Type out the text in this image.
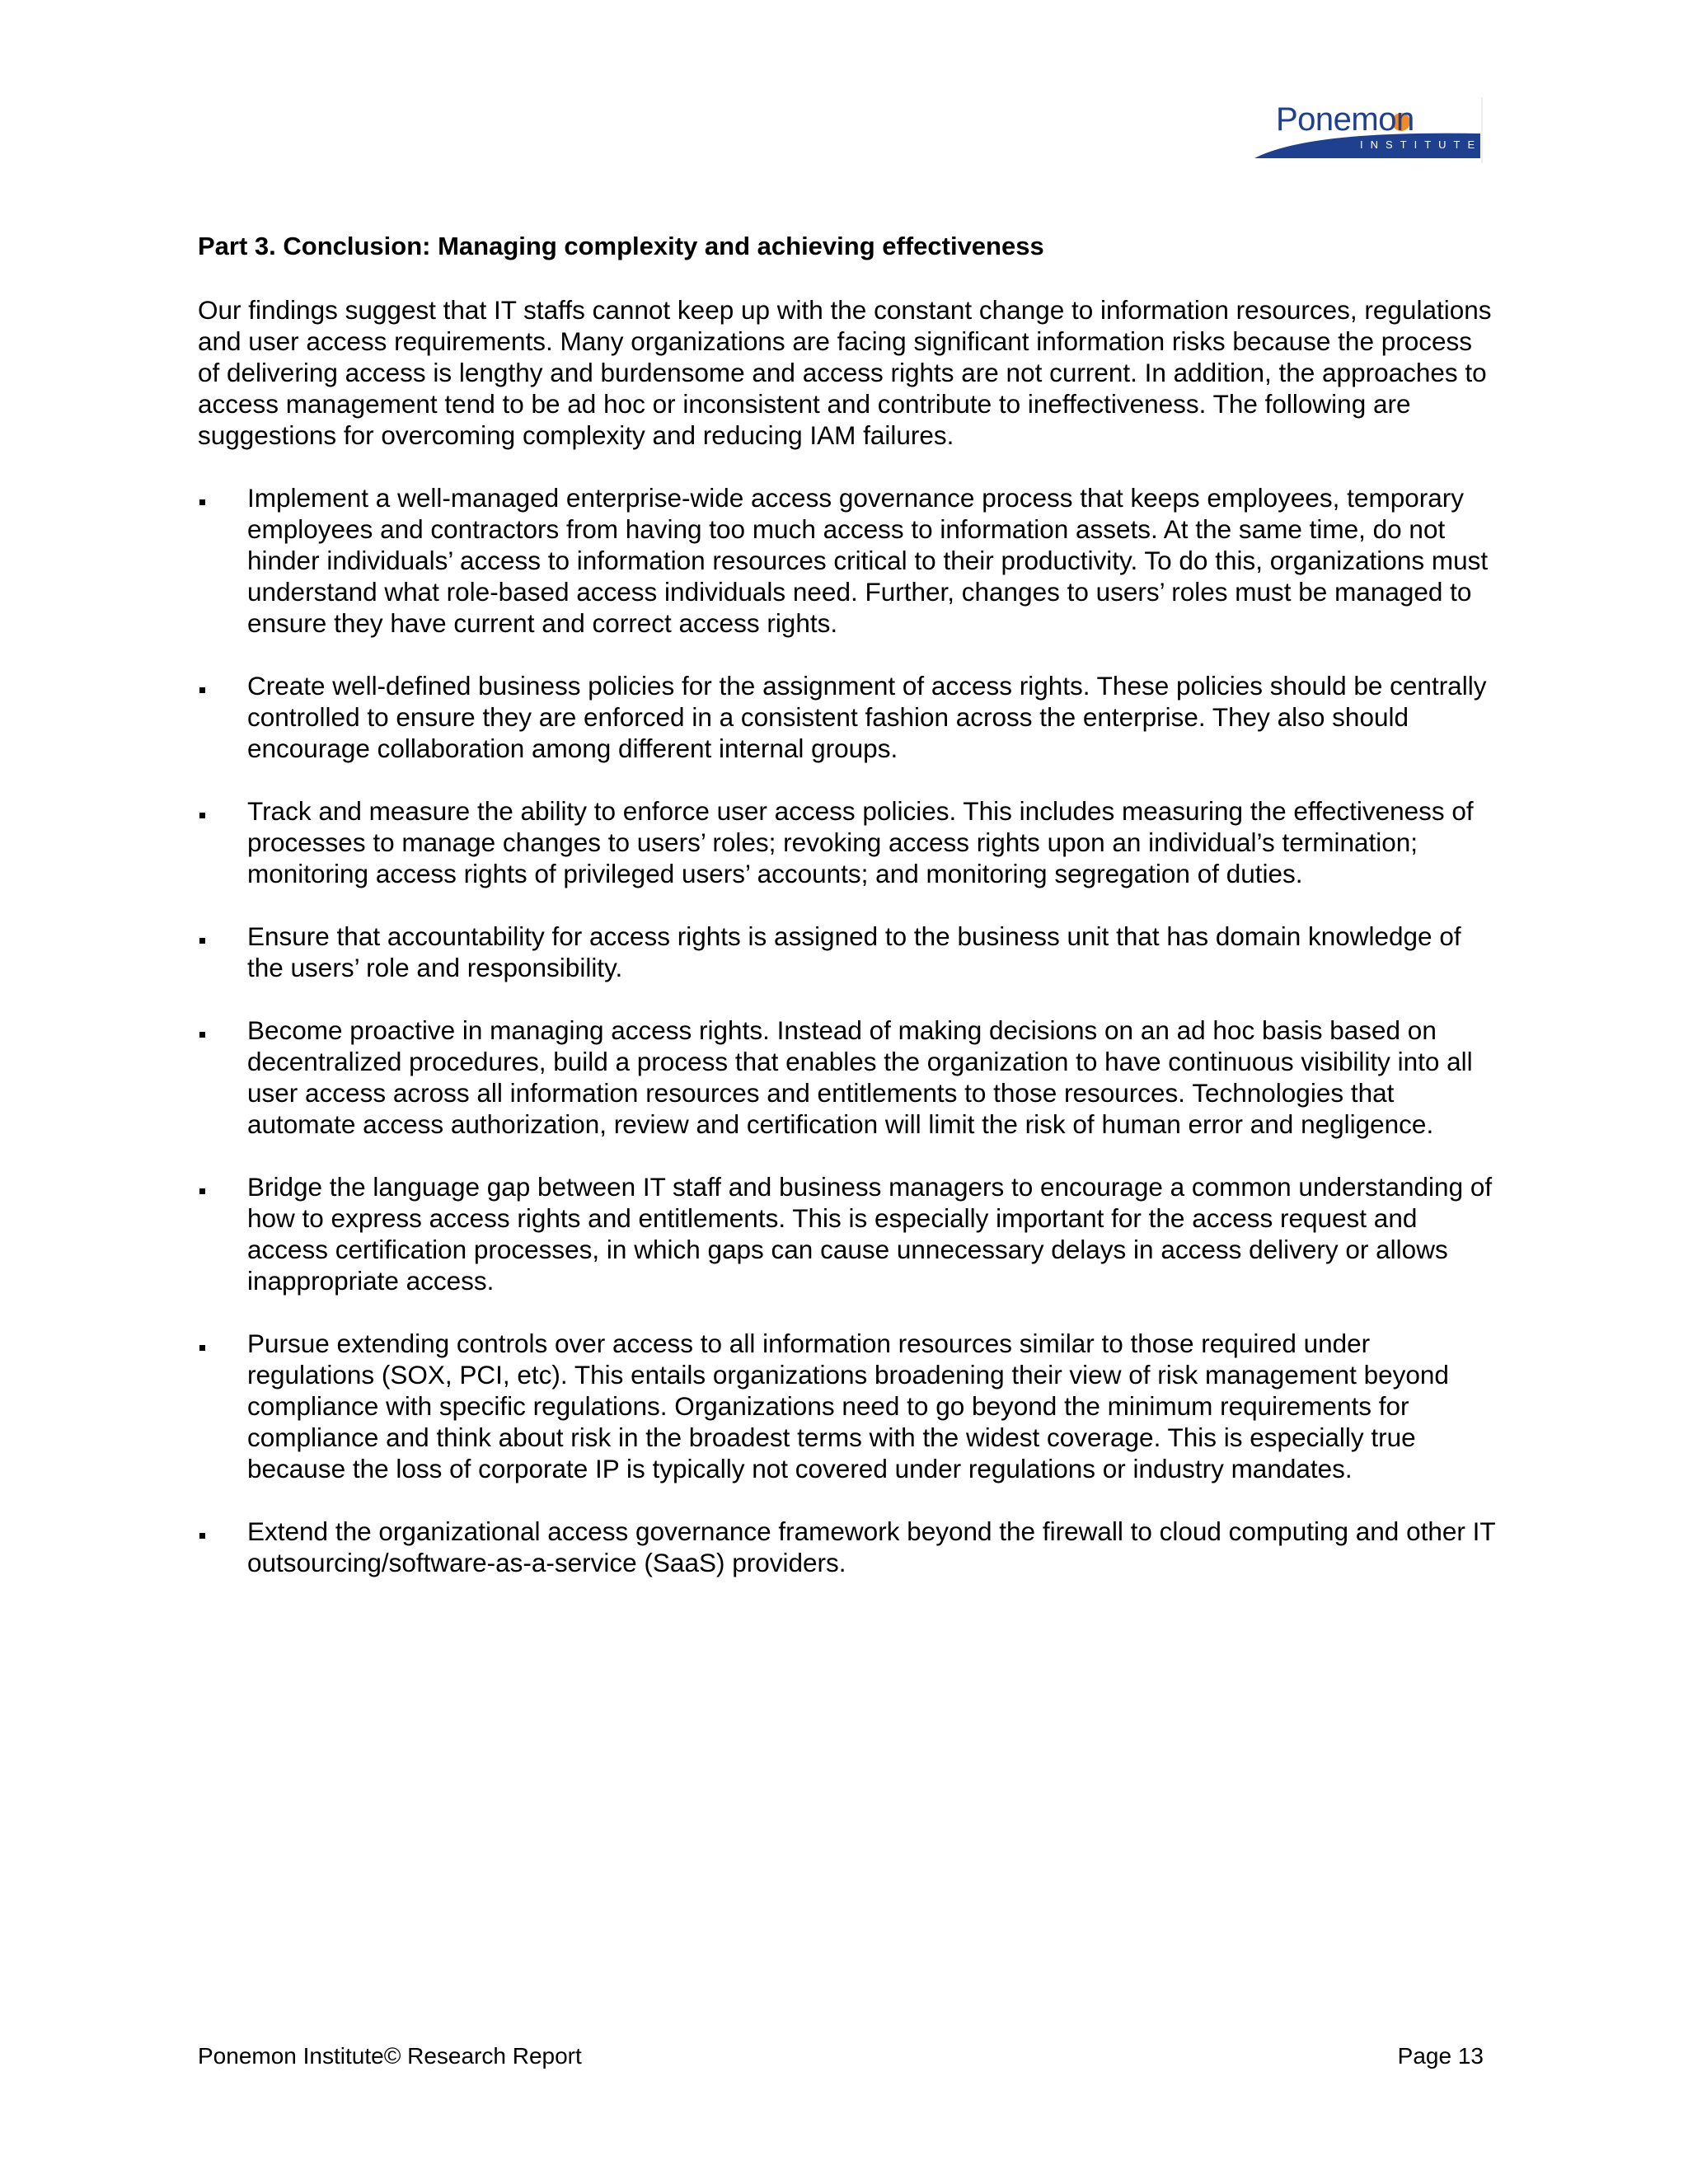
Ponemon
INSTITUTE
Part 3. Conclusion: Managing complexity and achieving effectiveness

Our findings suggest that IT staffs cannot keep up with the constant change to information resources, regulations and user access requirements. Many organizations are facing significant information risks because the process of delivering access is lengthy and burdensome and access rights are not current. In addition, the approaches to access management tend to be ad hoc or inconsistent and contribute to ineffectiveness. The following are suggestions for overcoming complexity and reducing IAM failures.

Implement a well-managed enterprise-wide access governance process that keeps employees, temporary employees and contractors from having too much access to information assets. At the same time, do not hinder individuals’ access to information resources critical to their productivity. To do this, organizations must understand what role-based access individuals need. Further, changes to users’ roles must be managed to ensure they have current and correct access rights.
Create well-defined business policies for the assignment of access rights. These policies should be centrally controlled to ensure they are enforced in a consistent fashion across the enterprise. They also should encourage collaboration among different internal groups.
Track and measure the ability to enforce user access policies. This includes measuring the effectiveness of processes to manage changes to users’ roles; revoking access rights upon an individual’s termination; monitoring access rights of privileged users’ accounts; and monitoring segregation of duties.
Ensure that accountability for access rights is assigned to the business unit that has domain knowledge of the users’ role and responsibility.
Become proactive in managing access rights. Instead of making decisions on an ad hoc basis based on decentralized procedures, build a process that enables the organization to have continuous visibility into all user access across all information resources and entitlements to those resources. Technologies that automate access authorization, review and certification will limit the risk of human error and negligence.
Bridge the language gap between IT staff and business managers to encourage a common understanding of how to express access rights and entitlements. This is especially important for the access request and access certification processes, in which gaps can cause unnecessary delays in access delivery or allows inappropriate access.
Pursue extending controls over access to all information resources similar to those required under regulations (SOX, PCI, etc). This entails organizations broadening their view of risk management beyond compliance with specific regulations. Organizations need to go beyond the minimum requirements for compliance and think about risk in the broadest terms with the widest coverage. This is especially true because the loss of corporate IP is typically not covered under regulations or industry mandates.
Extend the organizational access governance framework beyond the firewall to cloud computing and other IT outsourcing/software-as-a-service (SaaS) providers.
Ponemon Institute© Research Report	Page 13
